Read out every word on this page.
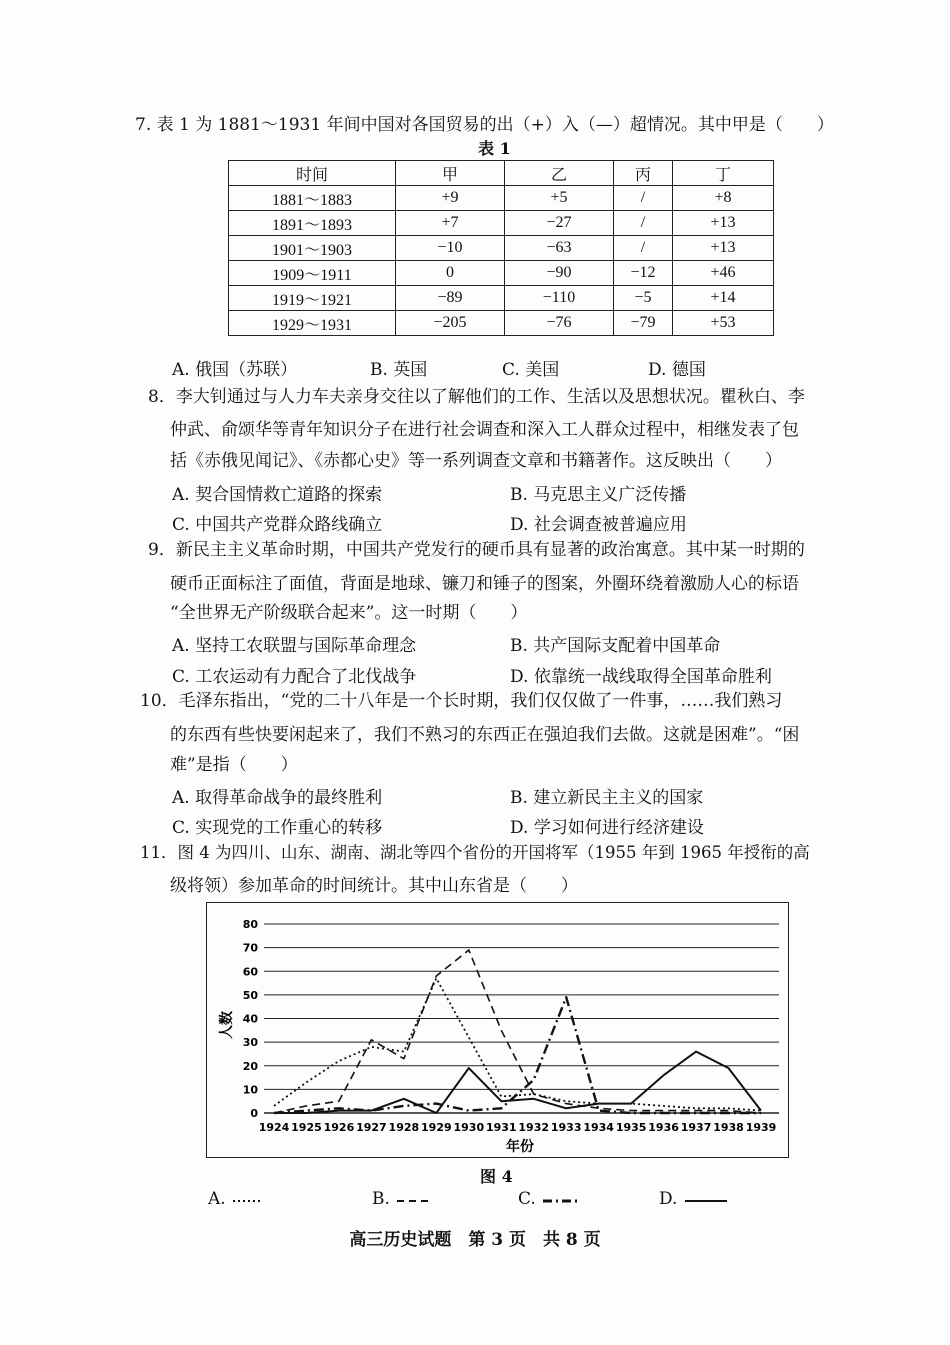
7. 表 1 为 1881～1931 年间中国对各国贸易的出（+）入（—）超情况。其中甲是（　　）
表 1
时间	甲	乙	丙	丁
1881～1883	+9	+5	/	+8
1891～1893	+7	−27	/	+13
1901～1903	−10	−63	/	+13
1909～1911	0	−90	−12	+46
1919～1921	−89	−110	−5	+14
1929～1931	−205	−76	−79	+53
A. 俄国（苏联）	B. 英国	C. 美国	D. 德国
8．李大钊通过与人力车夫亲身交往以了解他们的工作、生活以及思想状况。瞿秋白、李
仲武、俞颂华等青年知识分子在进行社会调查和深入工人群众过程中，相继发表了包
括《赤俄见闻记》、《赤都心史》等一系列调查文章和书籍著作。这反映出（　　）
A. 契合国情救亡道路的探索	B. 马克思主义广泛传播
C. 中国共产党群众路线确立	D. 社会调查被普遍应用
9．新民主主义革命时期，中国共产党发行的硬币具有显著的政治寓意。其中某一时期的
硬币正面标注了面值，背面是地球、镰刀和锤子的图案，外圈环绕着激励人心的标语
“全世界无产阶级联合起来”。这一时期（　　）
A. 坚持工农联盟与国际革命理念	B. 共产国际支配着中国革命
C. 工农运动有力配合了北伐战争	D. 依靠统一战线取得全国革命胜利
10．毛泽东指出，“党的二十八年是一个长时期，我们仅仅做了一件事，……我们熟习
的东西有些快要闲起来了，我们不熟习的东西正在强迫我们去做。这就是困难”。“困
难”是指（　　）
A. 取得革命战争的最终胜利	B. 建立新民主主义的国家
C. 实现党的工作重心的转移	D. 学习如何进行经济建设
11．图 4 为四川、山东、湖南、湖北等四个省份的开国将军（1955 年到 1965 年授衔的高
级将领）参加革命的时间统计。其中山东省是（　　）
0
10
20
30
40
50
60
70
80
1924 1925 1926 1927 1928 1929 1930 1931 1932 1933 1934 1935 1936 1937 1938 1939
人数
年份
图 4
A.	B.	C.	D.
高三历史试题　第 3 页　共 8 页
